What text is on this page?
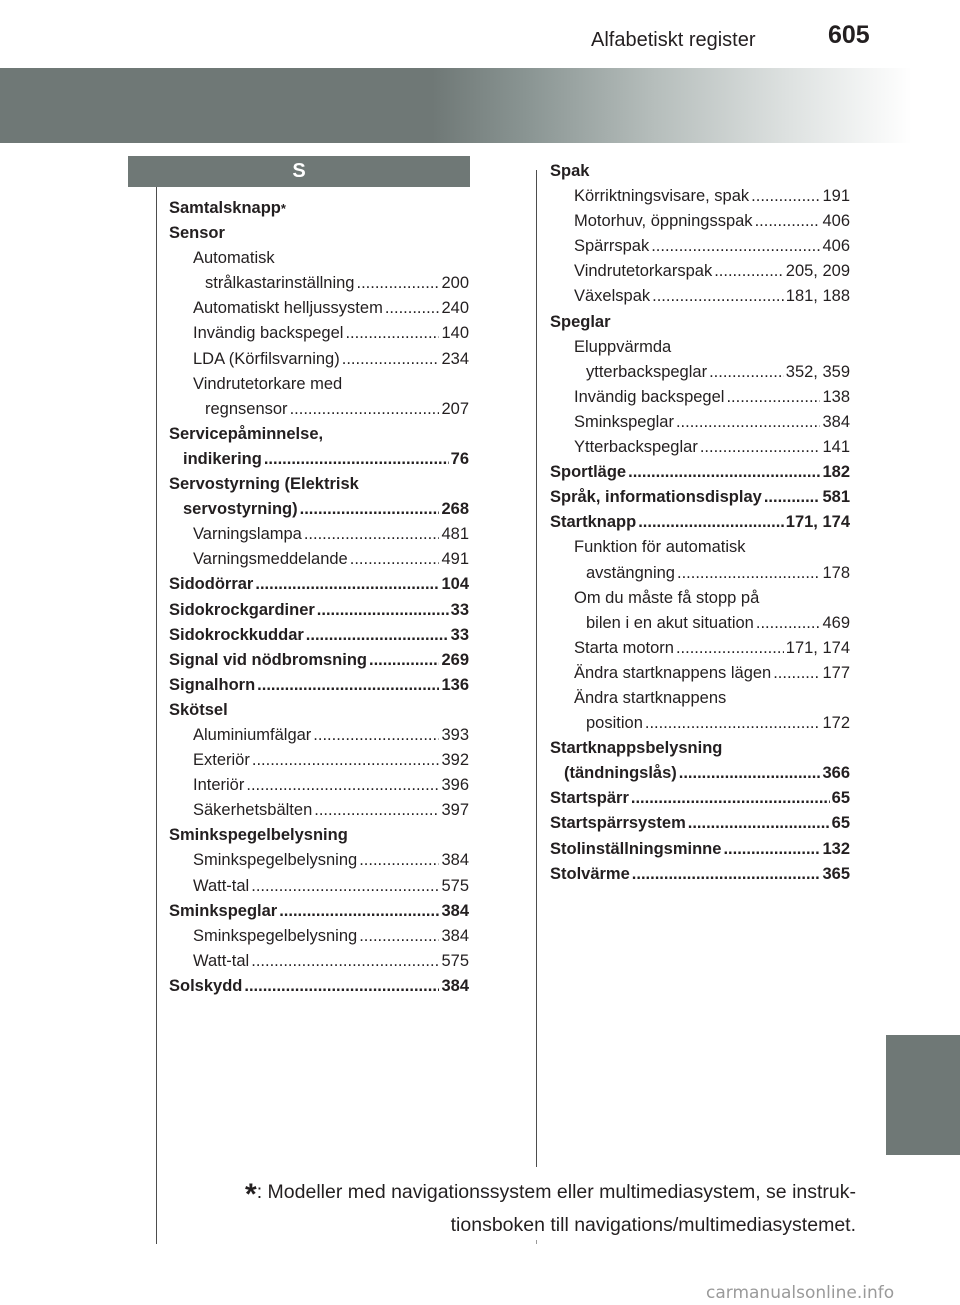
Alfabetiskt register	605
S
Samtalsknapp *
Sensor
Automatisk
strålkastarinställning .....	200
Automatiskt helljussystem .....	240
Invändig backspegel .....	140
LDA (Körfilsvarning) .....	234
Vindrutetorkare med
regnsensor .....	207
Servicepåminnelse,
indikering .....	76
Servostyrning (Elektrisk
servostyrning) .....	268
Varningslampa .....	481
Varningsmeddelande .....	491
Sidodörrar .....	104
Sidokrockgardiner .....	33
Sidokrockkuddar .....	33
Signal vid nödbromsning .....	269
Signalhorn .....	136
Skötsel
Aluminiumfälgar .....	393
Exteriör .....	392
Interiör .....	396
Säkerhetsbälten .....	397
Sminkspegelbelysning
Sminkspegelbelysning .....	384
Watt-tal .....	575
Sminkspeglar .....	384
Sminkspegelbelysning .....	384
Watt-tal .....	575
Solskydd .....	384
Spak
Körriktningsvisare, spak .....	191
Motorhuv, öppningsspak .....	406
Spärrspak .....	406
Vindrutetorkarspak .....	205, 209
Växelspak .....	181, 188
Speglar
Eluppvärmda
ytterbackspeglar .....	352, 359
Invändig backspegel .....	138
Sminkspeglar .....	384
Ytterbackspeglar .....	141
Sportläge .....	182
Språk, informationsdisplay .....	581
Startknapp .....	171, 174
Funktion för automatisk
avstängning .....	178
Om du måste få stopp på
bilen i en akut situation .....	469
Starta motorn .....	171, 174
Ändra startknappens lägen .....	177
Ändra startknappens
position .....	172
Startknappsbelysning
(tändningslås) .....	366
Startspärr .....	65
Startspärrsystem .....	65
Stolinställningsminne .....	132
Stolvärme .....	365
*: Modeller med navigationssystem eller multimediasystem, se instruk-
tionsboken till navigations/multimediasystemet.
carmanualsonline.info
